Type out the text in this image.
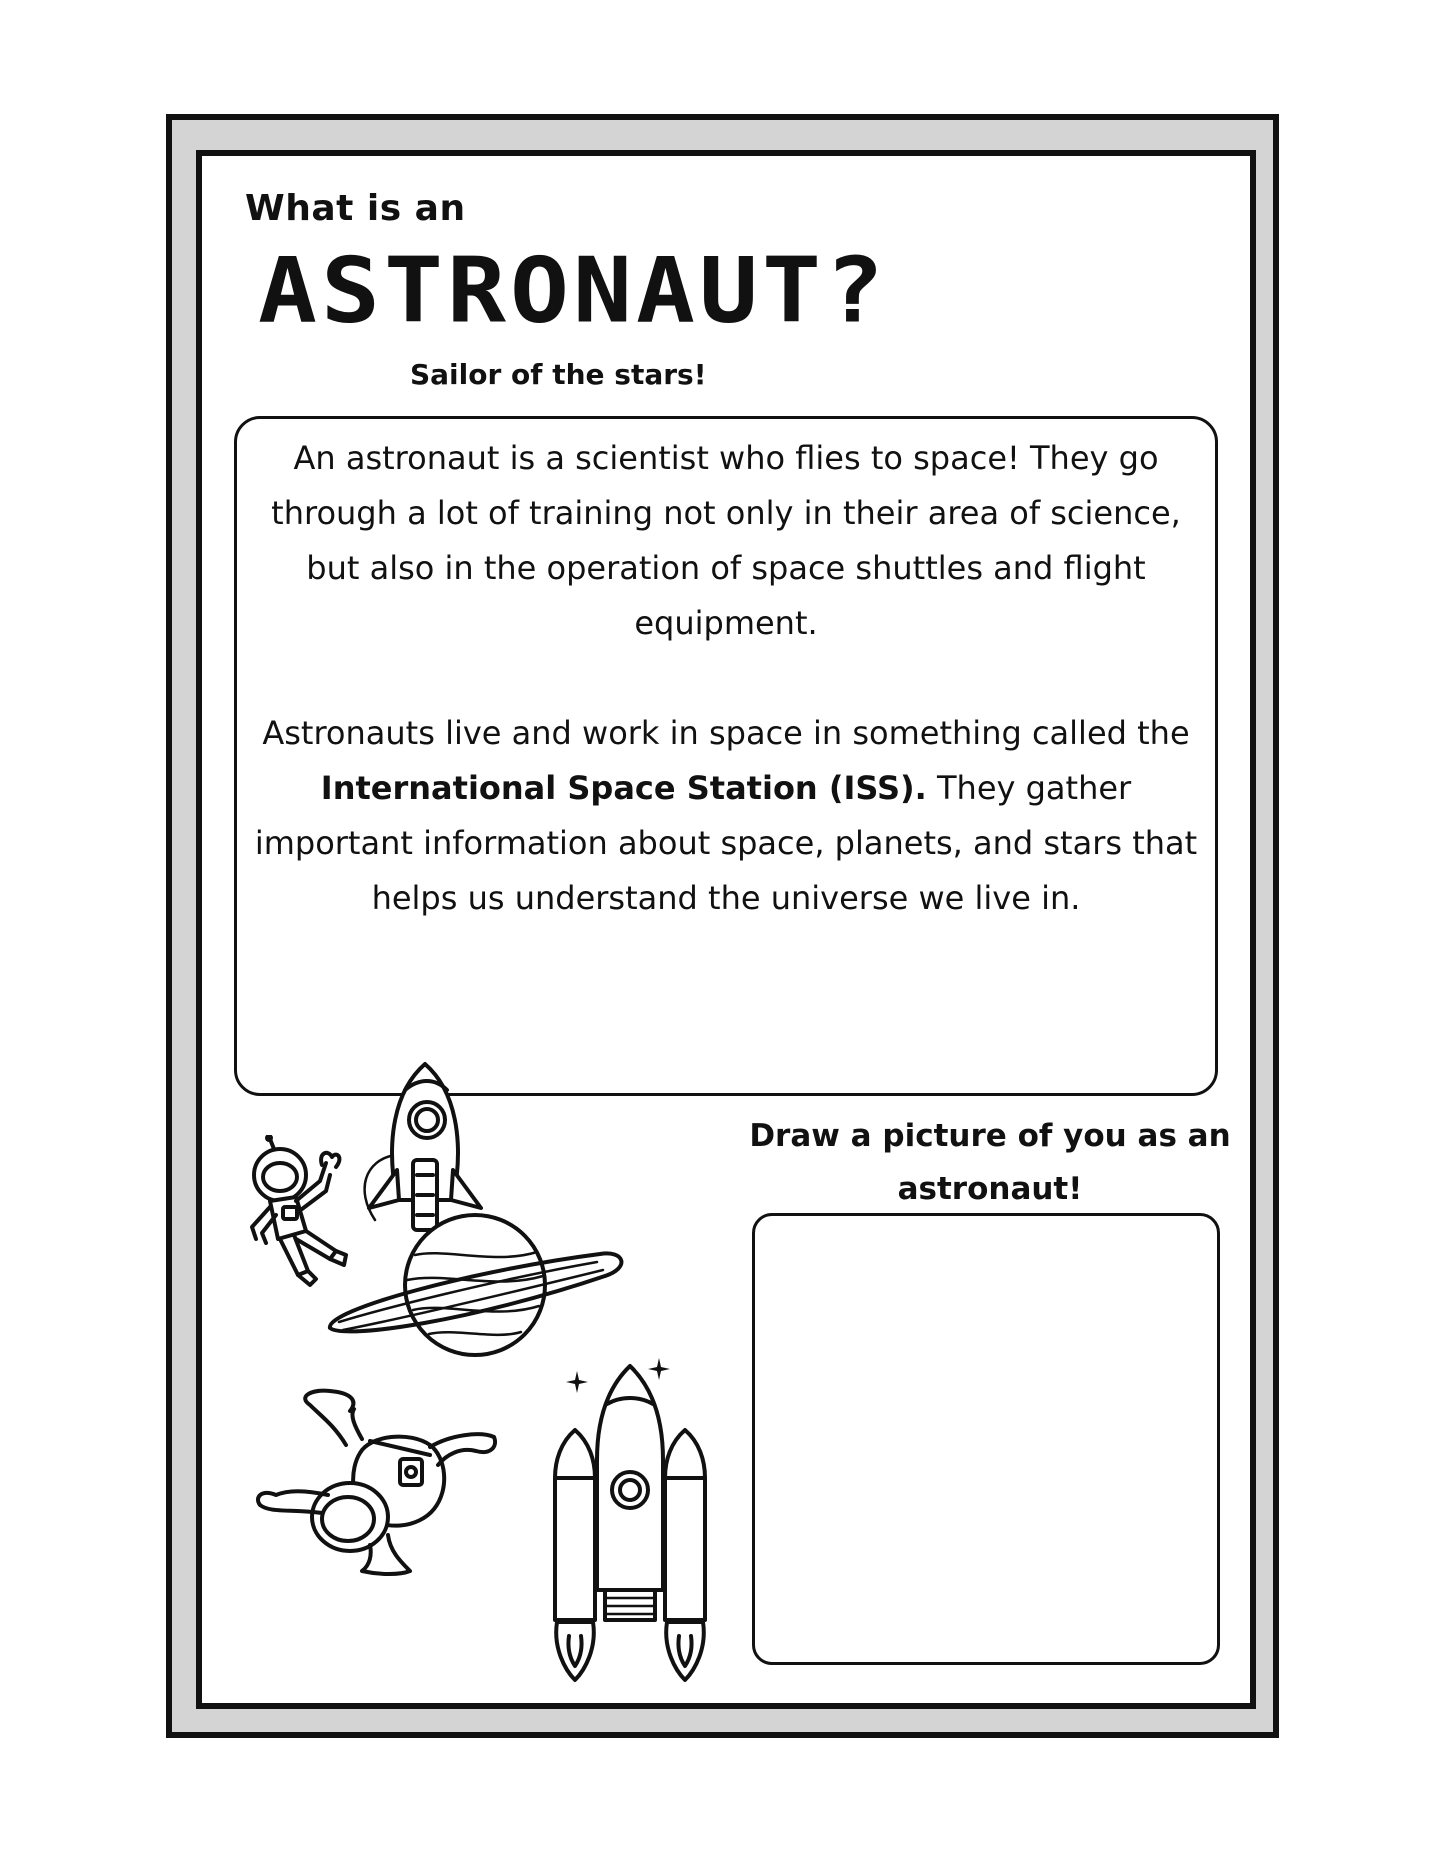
What is an
ASTRONAUT?
Sailor of the stars!

An astronaut is a scientist who flies to space! They go through a lot of training not only in their area of science, but also in the operation of space shuttles and flight equipment.

Astronauts live and work in space in something called the International Space Station (ISS). They gather important information about space, planets, and stars that helps us understand the universe we live in.

Draw a picture of you as an astronaut!
